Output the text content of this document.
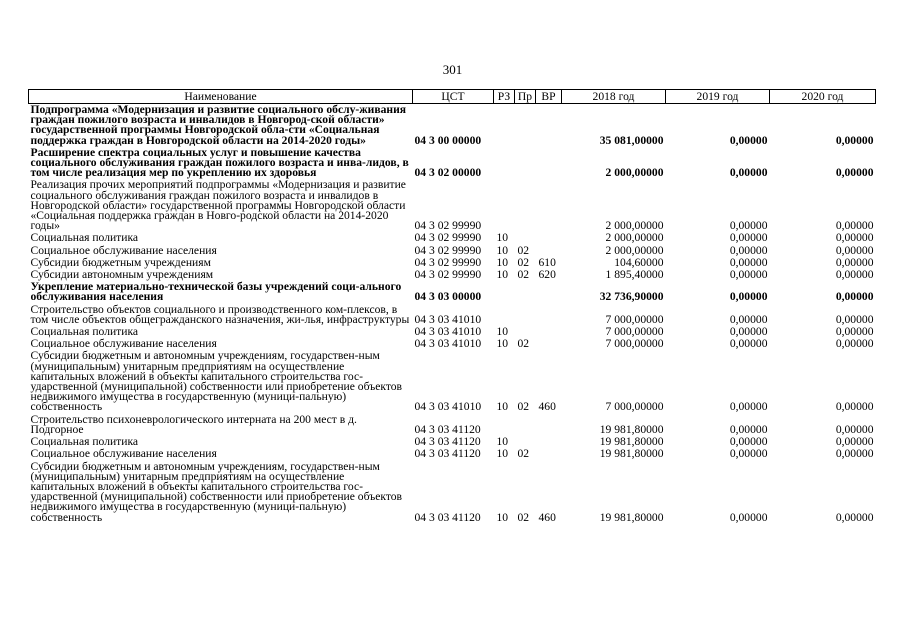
301
Наименование	ЦСТ	РЗ	Пр	ВР	2018 год	2019 год	2020 год
Подпрограмма «Модернизация и развитие социального обслу-живания граждан пожилого возраста и инвалидов в Новгород-ской области» государственной программы Новгородской обла-сти «Социальная поддержка граждан в Новгородской области на 2014-2020 годы»	04 3 00 00000				35 081,00000	0,00000	0,00000
Расширение спектра социальных услуг и повышение качества социального обслуживания граждан пожилого возраста и инва-лидов, в том числе реализация мер по укреплению их здоровья	04 3 02 00000				2 000,00000	0,00000	0,00000
Реализация прочих мероприятий подпрограммы «Модернизация и развитие социального обслуживания граждан пожилого возраста и инвалидов в Новгородской области» государственной программы Новгородской области «Социальная поддержка граждан в Новго-родской области на 2014-2020 годы»	04 3 02 99990				2 000,00000	0,00000	0,00000
Социальная политика	04 3 02 99990	10			2 000,00000	0,00000	0,00000
Социальное обслуживание населения	04 3 02 99990	10	02		2 000,00000	0,00000	0,00000
Субсидии бюджетным учреждениям	04 3 02 99990	10	02	610	104,60000	0,00000	0,00000
Субсидии автономным учреждениям	04 3 02 99990	10	02	620	1 895,40000	0,00000	0,00000
Укрепление материально-технической базы учреждений соци-ального обслуживания населения	04 3 03 00000				32 736,90000	0,00000	0,00000
Строительство объектов социального и производственного ком-плексов, в том числе объектов общегражданского назначения, жи-лья, инфраструктуры	04 3 03 41010				7 000,00000	0,00000	0,00000
Социальная политика	04 3 03 41010	10			7 000,00000	0,00000	0,00000
Социальное обслуживание населения	04 3 03 41010	10	02		7 000,00000	0,00000	0,00000
Субсидии бюджетным и автономным учреждениям, государствен-ным (муниципальным) унитарным предприятиям на осуществление капитальных вложений в объекты капитального строительства гос-ударственной (муниципальной) собственности или приобретение объектов недвижимого имущества в государственную (муници-пальную) собственность	04 3 03 41010	10	02	460	7 000,00000	0,00000	0,00000
Строительство психоневрологического интерната на 200 мест в д. Подгорное	04 3 03 41120				19 981,80000	0,00000	0,00000
Социальная политика	04 3 03 41120	10			19 981,80000	0,00000	0,00000
Социальное обслуживание населения	04 3 03 41120	10	02		19 981,80000	0,00000	0,00000
Субсидии бюджетным и автономным учреждениям, государствен-ным (муниципальным) унитарным предприятиям на осуществление капитальных вложений в объекты капитального строительства гос-ударственной (муниципальной) собственности или приобретение объектов недвижимого имущества в государственную (муници-пальную) собственность	04 3 03 41120	10	02	460	19 981,80000	0,00000	0,00000
